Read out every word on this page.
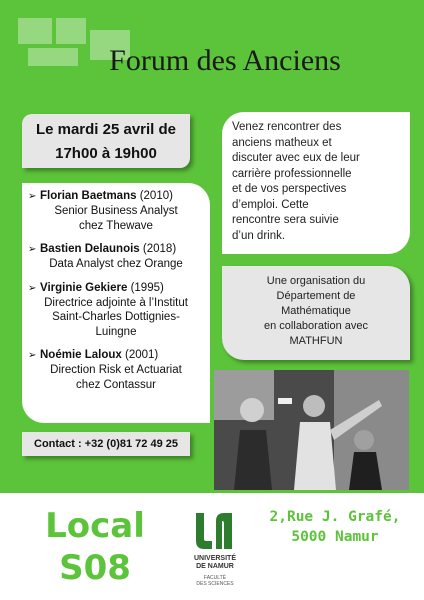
Forum des Anciens
Le mardi 25 avril de
17h00 à 19h00
Venez rencontrer des
anciens matheux et
discuter avec eux de leur
carrière professionnelle
et de vos perspectives
d’emploi. Cette
rencontre sera suivie
d’un drink.
➢ Florian Baetmans (2010)
Senior Business Analyst
chez Thewave
➢ Bastien Delaunois (2018)
Data Analyst chez Orange
➢ Virginie Gekiere (1995)
Directrice adjointe à l’Institut
Saint-Charles Dottignies-
Luingne
➢ Noémie Laloux (2001)
Direction Risk et Actuariat
chez Contassur
Une organisation du
Département de
Mathématique
en collaboration avec
MATHFUN
Contact : +32 (0)81 72 49 25
Local
S08	UNIVERSITÉ
DE NAMUR
FACULTÉ
DES SCIENCES
2,Rue J. Grafé,
5000 Namur
